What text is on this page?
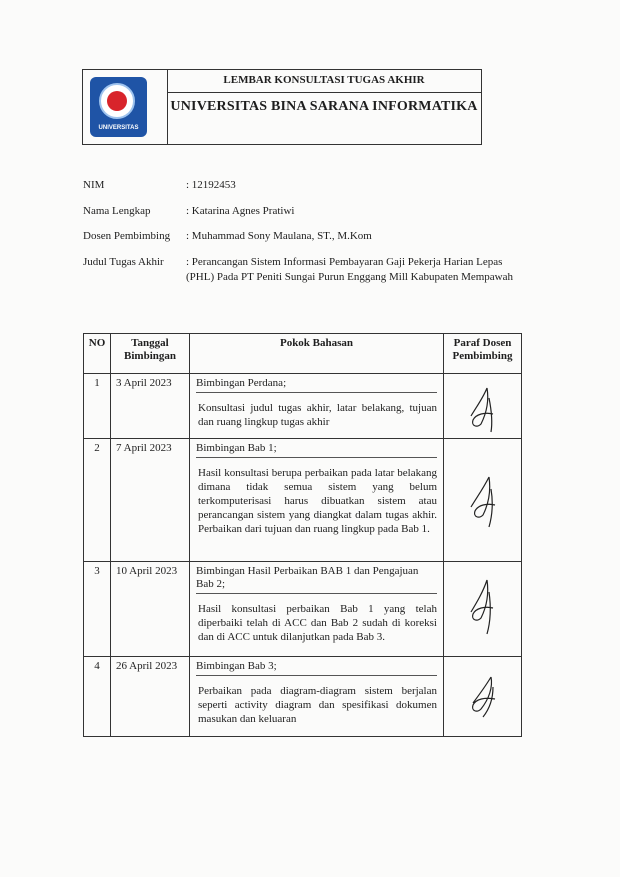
UNIVERSITAS
LEMBAR KONSULTASI TUGAS AKHIR
UNIVERSITAS BINA SARANA INFORMATIKA
NIM	: 12192453
Nama Lengkap	: Katarina Agnes Pratiwi
Dosen Pembimbing : Muhammad Sony Maulana, ST., M.Kom
Judul Tugas Akhir : Perancangan Sistem Informasi Pembayaran Gaji Pekerja Harian Lepas (PHL) Pada PT Peniti Sungai Purun Enggang Mill Kabupaten Mempawah
NO	Tanggal Bimbingan	Pokok Bahasan	Paraf Dosen Pembimbing
1	3 April 2023	Bimbingan Perdana;
Konsultasi judul tugas akhir, latar belakang, tujuan dan ruang lingkup tugas akhir

2	7 April 2023	Bimbingan Bab 1;
Hasil konsultasi berupa perbaikan pada latar belakang dimana tidak semua sistem yang belum terkomputerisasi harus dibuatkan sistem atau perancangan sistem yang diangkat dalam tugas akhir. Perbaikan dari tujuan dan ruang lingkup pada Bab 1.

3	10 April 2023	Bimbingan Hasil Perbaikan BAB 1 dan Pengajuan Bab 2;
Hasil konsultasi perbaikan Bab 1 yang telah diperbaiki telah di ACC dan Bab 2 sudah di koreksi dan di ACC untuk dilanjutkan pada Bab 3.

4	26 April 2023	Bimbingan Bab 3;
Perbaikan pada diagram-diagram sistem berjalan seperti activity diagram dan spesifikasi dokumen masukan dan keluaran
